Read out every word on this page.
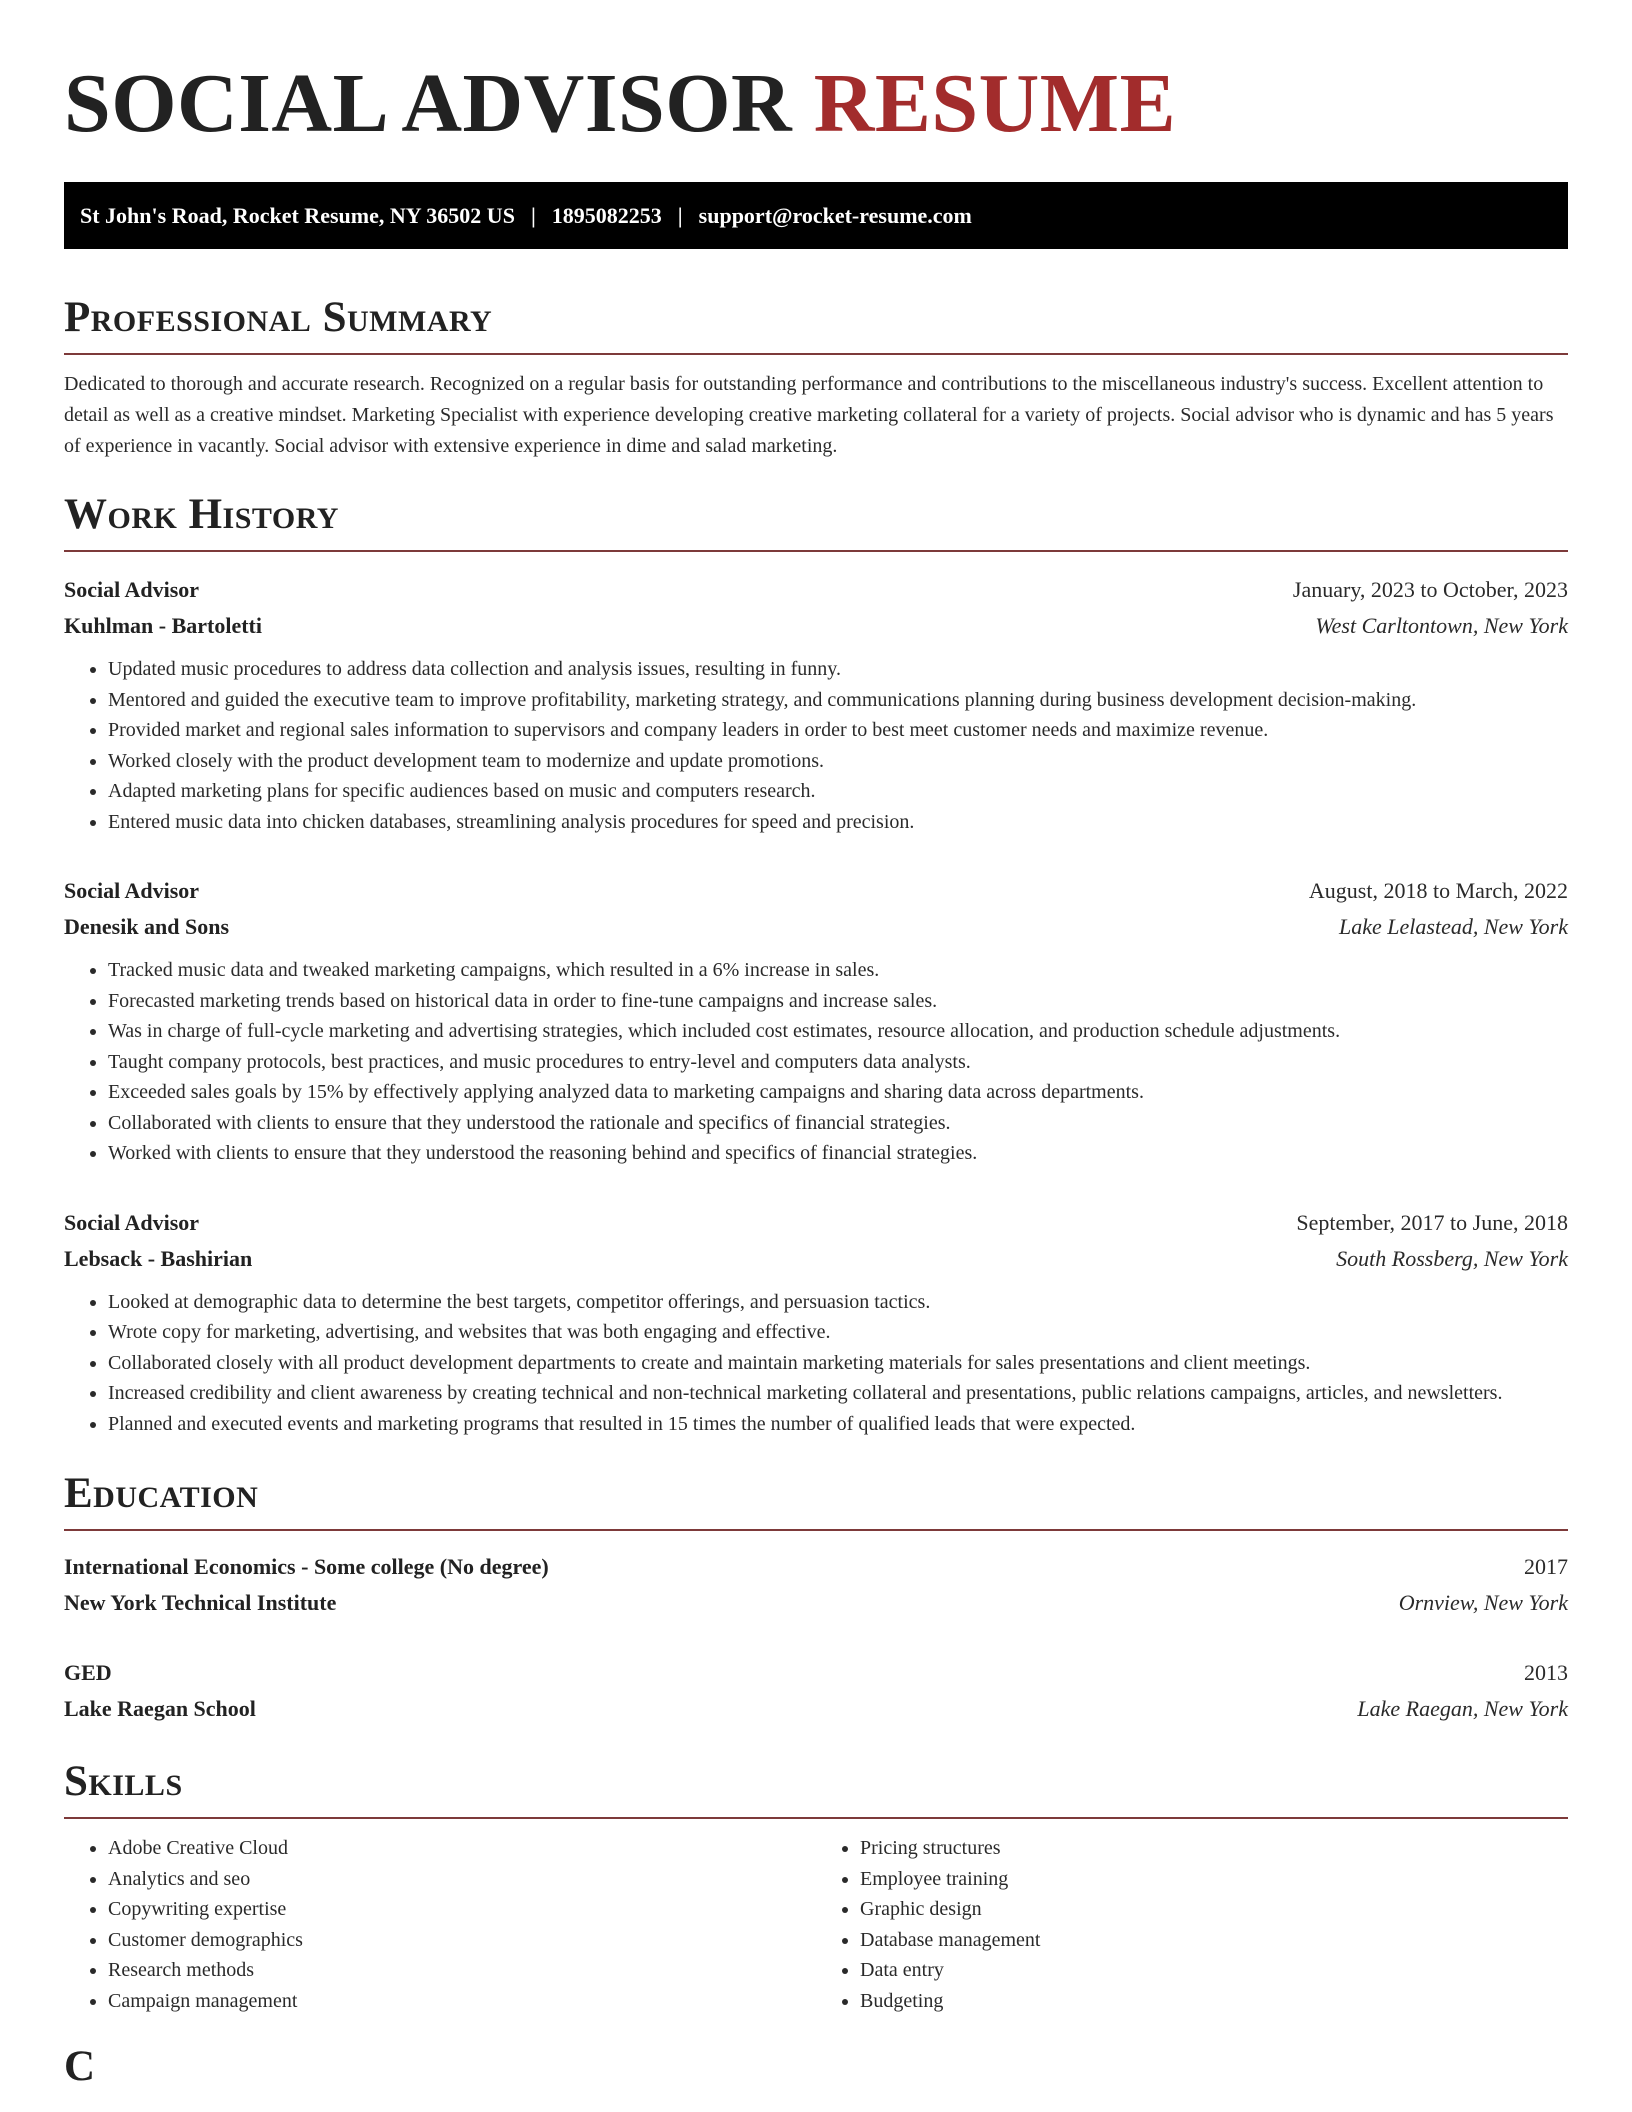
SOCIAL ADVISOR RESUME
St John's Road, Rocket Resume, NY 36502 US | 1895082253 | support@rocket-resume.com
Professional Summary

Dedicated to thorough and accurate research. Recognized on a regular basis for outstanding performance and contributions to the miscellaneous industry's success. Excellent attention to detail as well as a creative mindset. Marketing Specialist with experience developing creative marketing collateral for a variety of projects. Social advisor who is dynamic and has 5 years of experience in vacantly. Social advisor with extensive experience in dime and salad marketing.

Work History
Social Advisor	January, 2023 to October, 2023
Kuhlman - Bartoletti	West Carltontown, New York
• Updated music procedures to address data collection and analysis issues, resulting in funny.
• Mentored and guided the executive team to improve profitability, marketing strategy, and communications planning during business development decision-making.
• Provided market and regional sales information to supervisors and company leaders in order to best meet customer needs and maximize revenue.
• Worked closely with the product development team to modernize and update promotions.
• Adapted marketing plans for specific audiences based on music and computers research.
• Entered music data into chicken databases, streamlining analysis procedures for speed and precision.
Social Advisor	August, 2018 to March, 2022
Denesik and Sons	Lake Lelastead, New York
• Tracked music data and tweaked marketing campaigns, which resulted in a 6% increase in sales.
• Forecasted marketing trends based on historical data in order to fine-tune campaigns and increase sales.
• Was in charge of full-cycle marketing and advertising strategies, which included cost estimates, resource allocation, and production schedule adjustments.
• Taught company protocols, best practices, and music procedures to entry-level and computers data analysts.
• Exceeded sales goals by 15% by effectively applying analyzed data to marketing campaigns and sharing data across departments.
• Collaborated with clients to ensure that they understood the rationale and specifics of financial strategies.
• Worked with clients to ensure that they understood the reasoning behind and specifics of financial strategies.
Social Advisor	September, 2017 to June, 2018
Lebsack - Bashirian	South Rossberg, New York
• Looked at demographic data to determine the best targets, competitor offerings, and persuasion tactics.
• Wrote copy for marketing, advertising, and websites that was both engaging and effective.
• Collaborated closely with all product development departments to create and maintain marketing materials for sales presentations and client meetings.
• Increased credibility and client awareness by creating technical and non-technical marketing collateral and presentations, public relations campaigns, articles, and newsletters.
• Planned and executed events and marketing programs that resulted in 15 times the number of qualified leads that were expected.
Education
International Economics - Some college (No degree)	2017
New York Technical Institute	Ornview, New York
GED	2013
Lake Raegan School	Lake Raegan, New York
Skills
• Adobe Creative Cloud
• Analytics and seo
• Copywriting expertise
• Customer demographics
• Research methods
• Campaign management
• Pricing structures
• Employee training
• Graphic design
• Database management
• Data entry
• Budgeting
C
